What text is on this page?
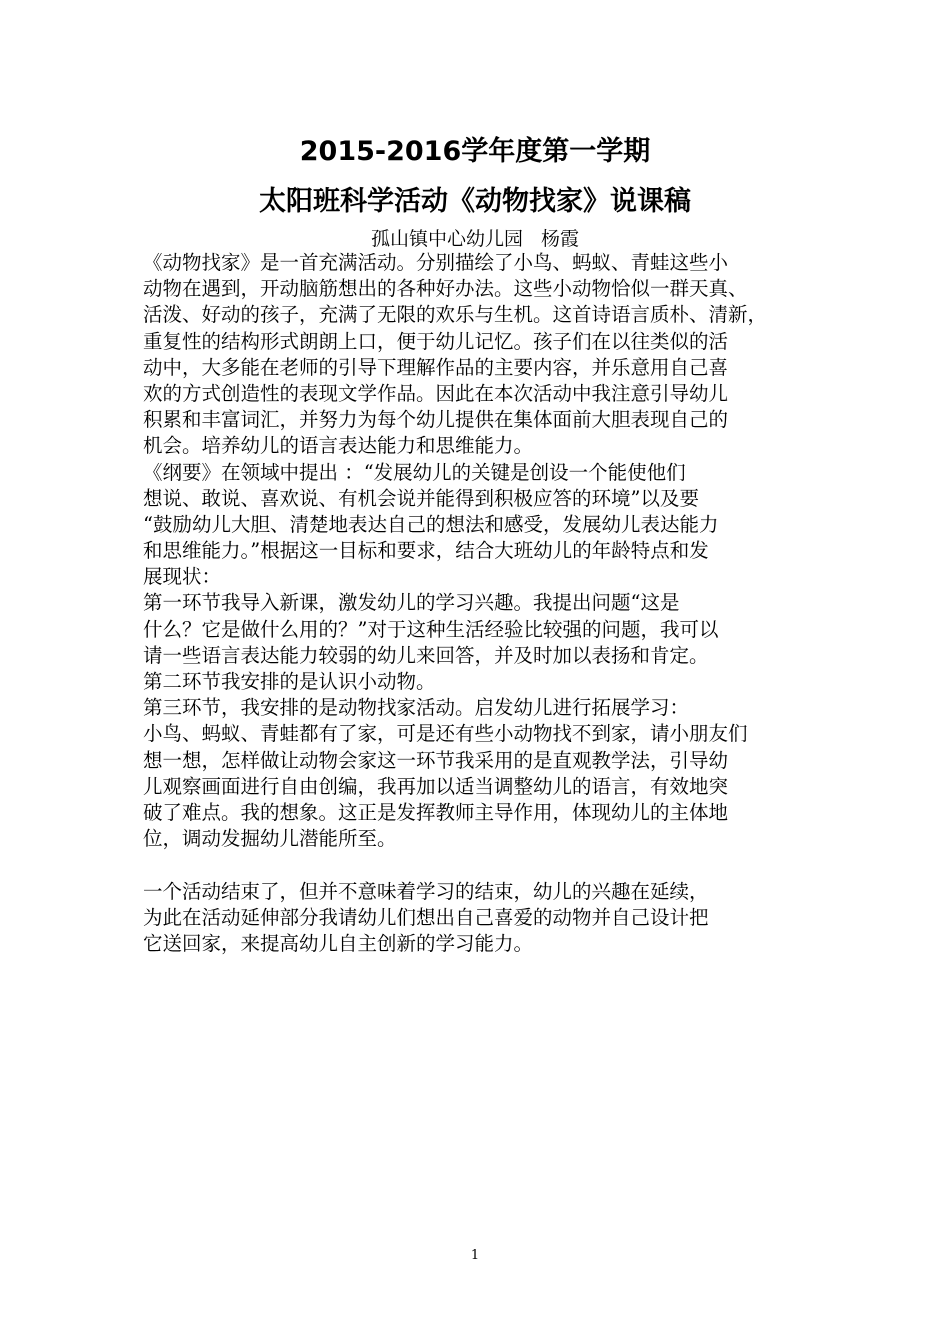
2015-2016学年度第一学期
太阳班科学活动《动物找家》说课稿
孤山镇中心幼儿园   杨霞
《动物找家》是一首充满活动。分别描绘了小鸟、蚂蚁、青蛙这些小
动物在遇到，开动脑筋想出的各种好办法。这些小动物恰似一群天真、
活泼、好动的孩子，充满了无限的欢乐与生机。这首诗语言质朴、清新，
重复性的结构形式朗朗上口，便于幼儿记忆。孩子们在以往类似的活
动中，大多能在老师的引导下理解作品的主要内容，并乐意用自己喜
欢的方式创造性的表现文学作品。因此在本次活动中我注意引导幼儿
积累和丰富词汇，并努力为每个幼儿提供在集体面前大胆表现自己的
机会。培养幼儿的语言表达能力和思维能力。
《纲要》在领域中提出 ：“发展幼儿的关键是创设一个能使他们
想说、敢说、喜欢说、有机会说并能得到积极应答的环境”以及要
“鼓励幼儿大胆、清楚地表达自己的想法和感受，发展幼儿表达能力
和思维能力。”根据这一目标和要求，结合大班幼儿的年龄特点和发
展现状：
第一环节我导入新课，激发幼儿的学习兴趣。我提出问题“这是
什么？它是做什么用的？”对于这种生活经验比较强的问题，我可以
请一些语言表达能力较弱的幼儿来回答，并及时加以表扬和肯定。
第二环节我安排的是认识小动物。
第三环节，我安排的是动物找家活动。启发幼儿进行拓展学习：
小鸟、蚂蚁、青蛙都有了家，可是还有些小动物找不到家，请小朋友们
想一想，怎样做让动物会家这一环节我采用的是直观教学法，引导幼
儿观察画面进行自由创编，我再加以适当调整幼儿的语言，有效地突
破了难点。我的想象。这正是发挥教师主导作用，体现幼儿的主体地
位，调动发掘幼儿潜能所至。
一个活动结束了，但并不意味着学习的结束，幼儿的兴趣在延续，
为此在活动延伸部分我请幼儿们想出自己喜爱的动物并自己设计把
它送回家，来提高幼儿自主创新的学习能力。
1
